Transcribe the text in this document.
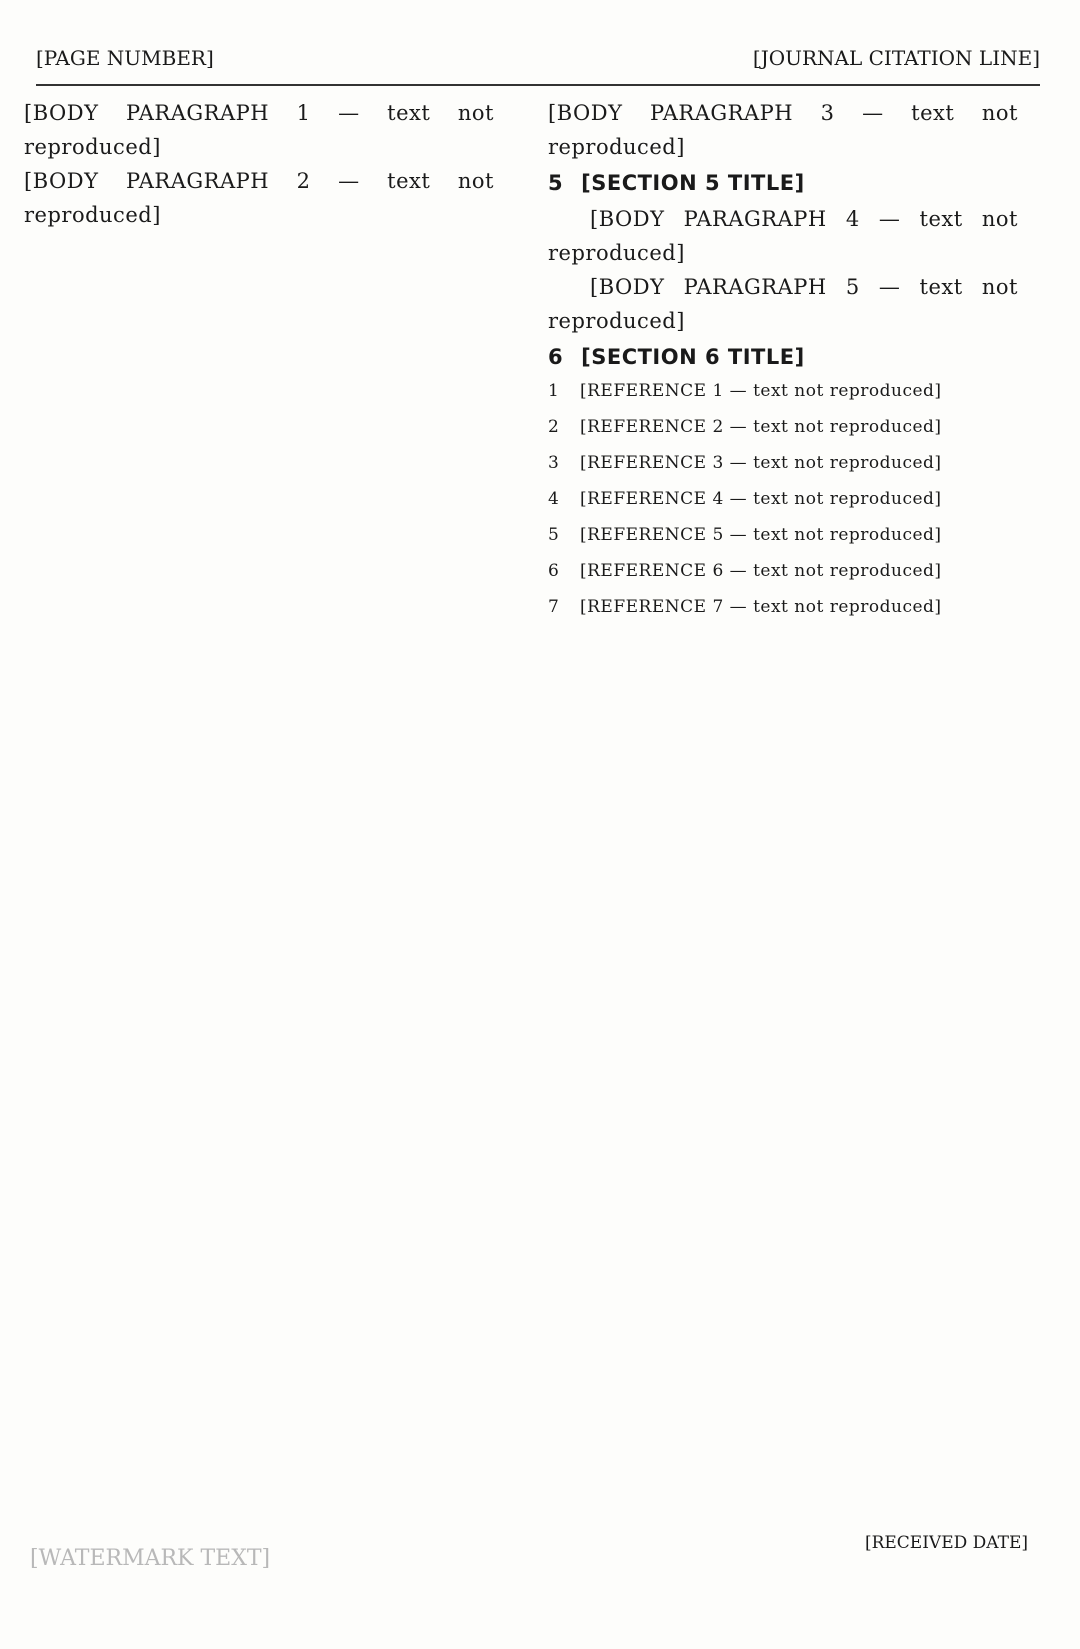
[PAGE NUMBER]	[JOURNAL CITATION LINE]

[BODY PARAGRAPH 1 — text not reproduced]

[BODY PARAGRAPH 2 — text not reproduced]

[BODY PARAGRAPH 3 — text not reproduced]

5 [SECTION 5 TITLE]

[BODY PARAGRAPH 4 — text not reproduced]

[BODY PARAGRAPH 5 — text not reproduced]

6 [SECTION 6 TITLE]
1	[REFERENCE 1 — text not reproduced]
2	[REFERENCE 2 — text not reproduced]
3	[REFERENCE 3 — text not reproduced]
4	[REFERENCE 4 — text not reproduced]
5	[REFERENCE 5 — text not reproduced]
6	[REFERENCE 6 — text not reproduced]
7	[REFERENCE 7 — text not reproduced]
[RECEIVED DATE]
[WATERMARK TEXT]
